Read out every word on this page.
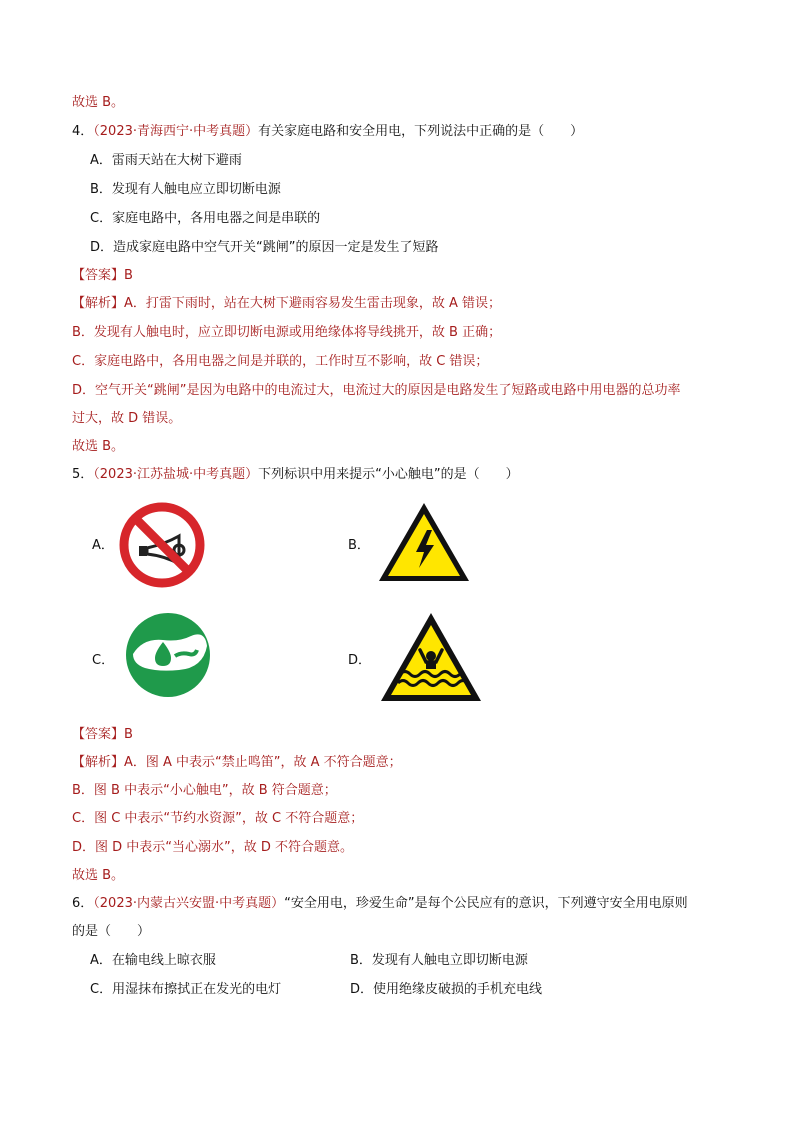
故选 B。
4．（2023·青海西宁·中考真题）有关家庭电路和安全用电，下列说法中正确的是（　　）
A．雷雨天站在大树下避雨
B．发现有人触电应立即切断电源
C．家庭电路中，各用电器之间是串联的
D．造成家庭电路中空气开关“跳闸”的原因一定是发生了短路
【答案】B
【解析】A．打雷下雨时，站在大树下避雨容易发生雷击现象，故 A 错误；
B．发现有人触电时，应立即切断电源或用绝缘体将导线挑开，故 B 正确；
C．家庭电路中，各用电器之间是并联的，工作时互不影响，故 C 错误；
D．空气开关“跳闸”是因为电路中的电流过大，电流过大的原因是电路发生了短路或电路中用电器的总功率
过大，故 D 错误。
故选 B。
5．（2023·江苏盐城·中考真题）下列标识中用来提示“小心触电”的是（　　）
A．	B．
C．	D．
【答案】B
【解析】A．图 A 中表示“禁止鸣笛”，故 A 不符合题意；
B．图 B 中表示“小心触电”，故 B 符合题意；
C．图 C 中表示“节约水资源”，故 C 不符合题意；
D．图 D 中表示“当心溺水”，故 D 不符合题意。
故选 B。
6．（2023·内蒙古兴安盟·中考真题）“安全用电，珍爱生命”是每个公民应有的意识，下列遵守安全用电原则
的是（　　）
A．在输电线上晾衣服	B．发现有人触电立即切断电源
C．用湿抹布擦拭正在发光的电灯	D．使用绝缘皮破损的手机充电线
